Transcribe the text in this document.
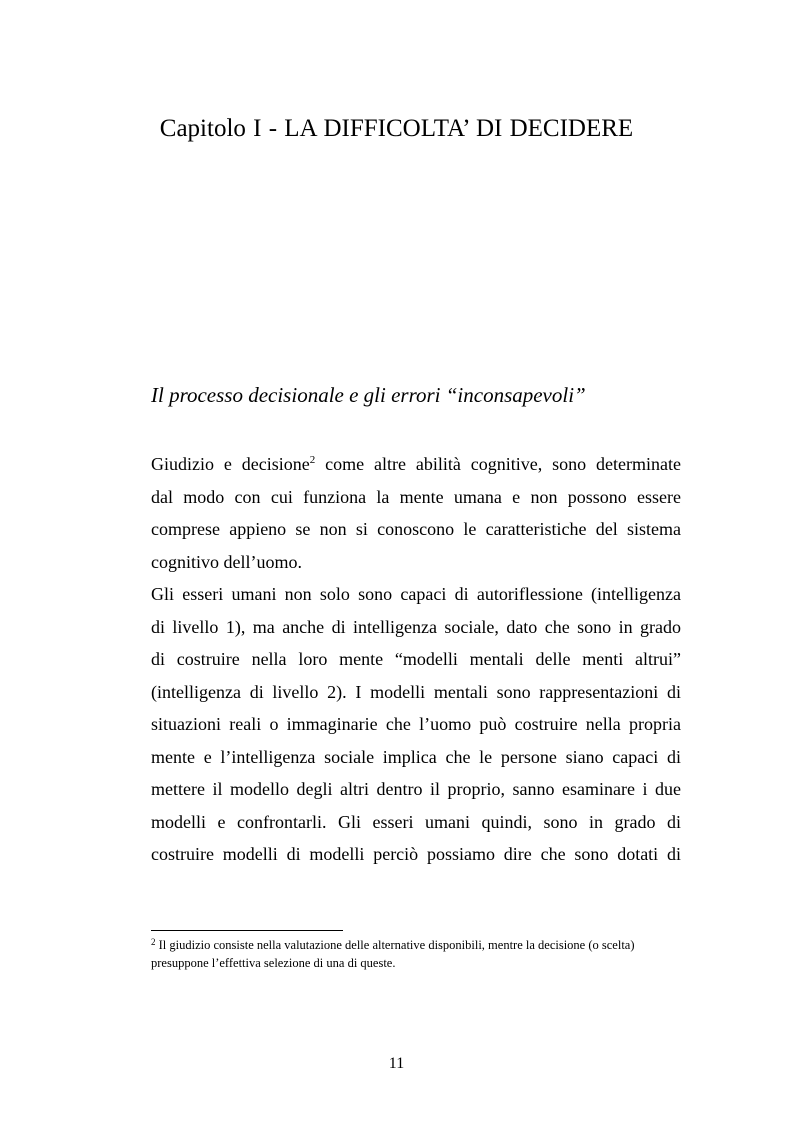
Capitolo I - LA DIFFICOLTA’ DI DECIDERE
Il processo decisionale e gli errori “inconsapevoli”
Giudizio e decisione$^2$ come altre abilità cognitive, sono determinate
dal modo con cui funziona la mente umana e non possono essere
comprese appieno se non si conoscono le caratteristiche del sistema
cognitivo dell’uomo.
Gli esseri umani non solo sono capaci di autoriflessione (intelligenza
di livello 1), ma anche di intelligenza sociale, dato che sono in grado
di costruire nella loro mente “modelli mentali delle menti altrui”
(intelligenza di livello 2). I modelli mentali sono rappresentazioni di
situazioni reali o immaginarie che l’uomo può costruire nella propria
mente e l’intelligenza sociale implica che le persone siano capaci di
mettere il modello degli altri dentro il proprio, sanno esaminare i due
modelli e confrontarli. Gli esseri umani quindi, sono in grado di
costruire modelli di modelli perciò possiamo dire che sono dotati di
$^2$ Il giudizio consiste nella valutazione delle alternative disponibili, mentre la decisione (o scelta)
presuppone l’effettiva selezione di una di queste.
11
